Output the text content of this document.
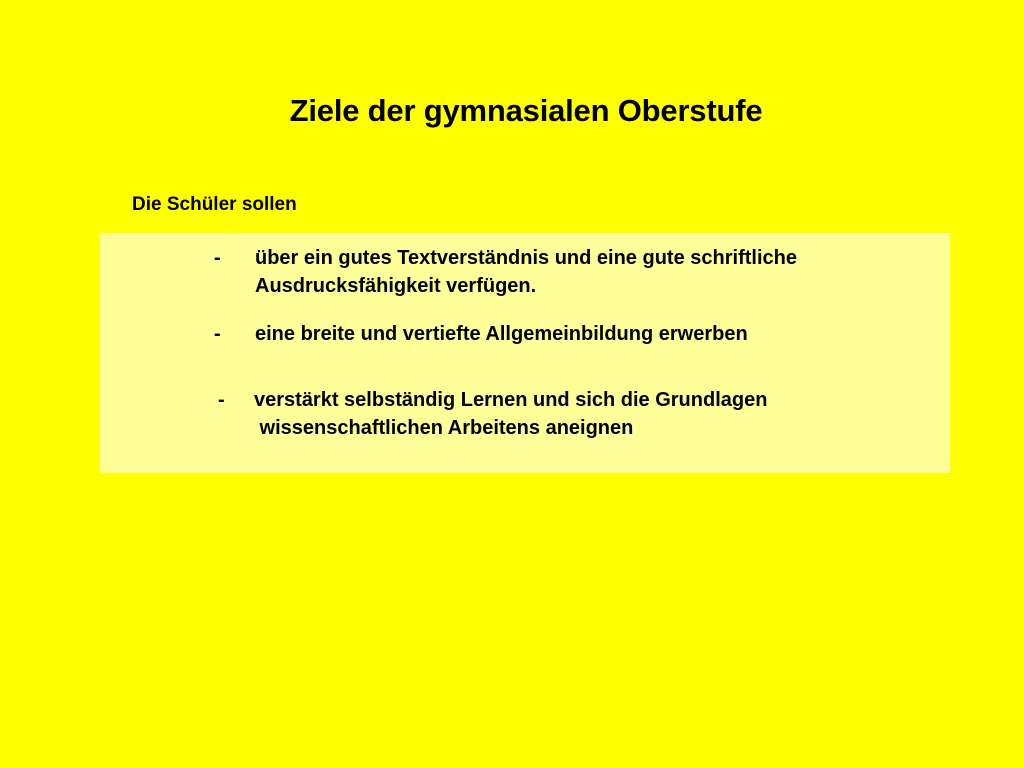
Ziele der gymnasialen Oberstufe
Die Schüler sollen
-	über ein gutes Textverständnis und eine gute schriftliche
Ausdrucksfähigkeit verfügen.
-	eine breite und vertiefte Allgemeinbildung erwerben
-	verstärkt selbständig Lernen und sich die Grundlagen
wissenschaftlichen Arbeitens aneignen
